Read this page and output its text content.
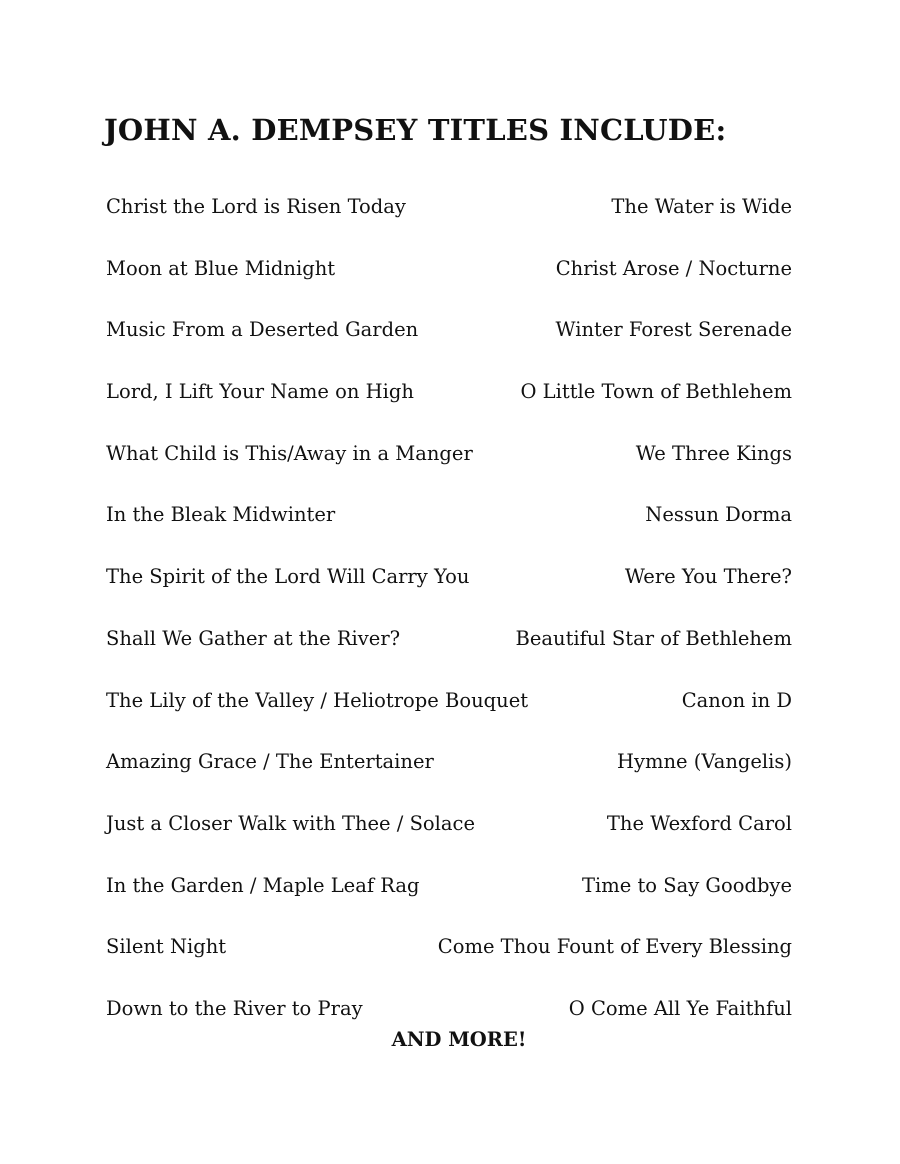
JOHN A. DEMPSEY TITLES INCLUDE:
Christ the Lord is Risen Today	The Water is Wide
Moon at Blue Midnight	Christ Arose / Nocturne
Music From a Deserted Garden	Winter Forest Serenade
Lord, I Lift Your Name on High	O Little Town of Bethlehem
What Child is This/Away in a Manger	We Three Kings
In the Bleak Midwinter	Nessun Dorma
The Spirit of the Lord Will Carry You	Were You There?
Shall We Gather at the River?	Beautiful Star of Bethlehem
The Lily of the Valley / Heliotrope Bouquet	Canon in D
Amazing Grace / The Entertainer	Hymne (Vangelis)
Just a Closer Walk with Thee / Solace	The Wexford Carol
In the Garden / Maple Leaf Rag	Time to Say Goodbye
Silent Night	Come Thou Fount of Every Blessing
Down to the River to Pray	O Come All Ye Faithful

AND MORE!
